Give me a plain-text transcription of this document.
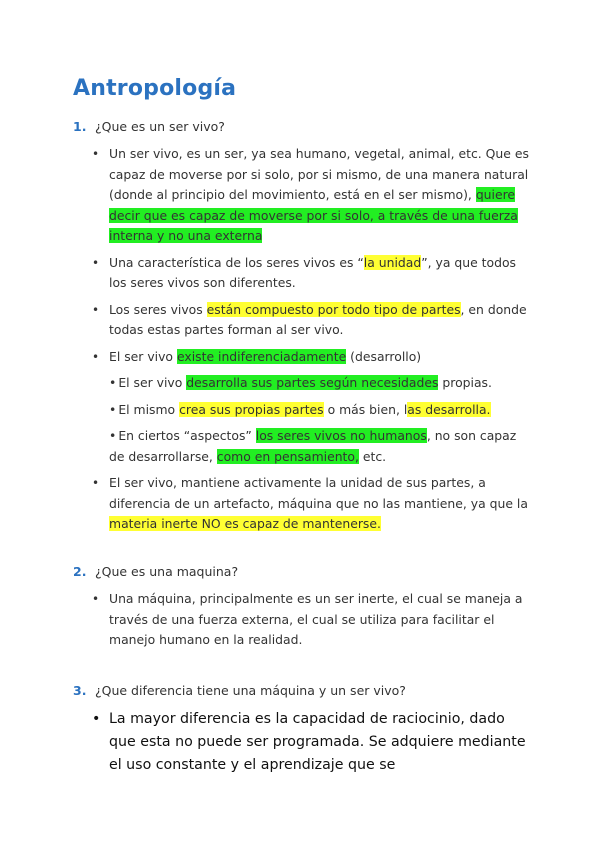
Antropología
1. ¿Que es un ser vivo?
• Un ser vivo, es un ser, ya sea humano, vegetal, animal, etc. Que es capaz de moverse por si solo, por si mismo, de una manera natural (donde al principio del movimiento, está en el ser mismo), quiere decir que es capaz de moverse por si solo, a través de una fuerza interna y no una externa
• Una característica de los seres vivos es “la unidad”, ya que todos los seres vivos son diferentes.
• Los seres vivos están compuesto por todo tipo de partes, en donde todas estas partes forman al ser vivo.
• El ser vivo existe indiferenciadamente (desarrollo)
• El ser vivo desarrolla sus partes según necesidades propias.
• El mismo crea sus propias partes o más bien, las desarrolla.
• En ciertos “aspectos” los seres vivos no humanos, no son capaz de desarrollarse, como en pensamiento, etc.
• El ser vivo, mantiene activamente la unidad de sus partes, a diferencia de un artefacto, máquina que no las mantiene, ya que la materia inerte NO es capaz de mantenerse.
2. ¿Que es una maquina?
• Una máquina, principalmente es un ser inerte, el cual se maneja a través de una fuerza externa, el cual se utiliza para facilitar el manejo humano en la realidad.
3. ¿Que diferencia tiene una máquina y un ser vivo?
• La mayor diferencia es la capacidad de raciocinio, dado que esta no puede ser programada. Se adquiere mediante el uso constante y el aprendizaje que se
